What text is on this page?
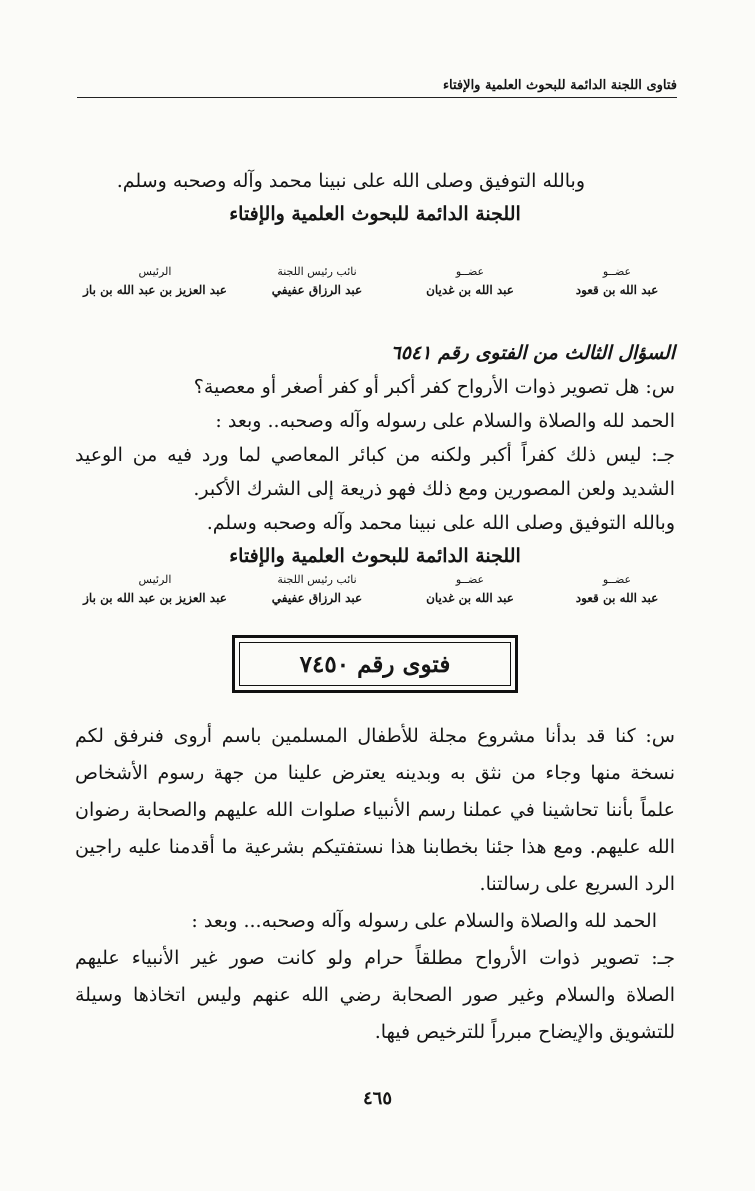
فتاوى اللجنة الدائمة للبحوث العلمية والإفتاء
وبالله التوفيق وصلى الله على نبينا محمد وآله وصحبه وسلم.
اللجنة الدائمة للبحوث العلمية والإفتاء
عضــو
عبد الله بن قعود
عضــو
عبد الله بن غديان
نائب رئيس اللجنة
عبد الرزاق عفيفي
الرئيس
عبد العزيز بن عبد الله بن باز
السؤال الثالث من الفتوى رقم ٦٥٤١
س: هل تصوير ذوات الأرواح كفر أكبر أو كفر أصغر أو معصية؟
الحمد لله والصلاة والسلام على رسوله وآله وصحبه.. وبعد :
جـ: ليس ذلك كفراً أكبر ولكنه من كبائر المعاصي لما ورد فيه من الوعيد
الشديد ولعن المصورين ومع ذلك فهو ذريعة إلى الشرك الأكبر.
وبالله التوفيق وصلى الله على نبينا محمد وآله وصحبه وسلم.
اللجنة الدائمة للبحوث العلمية والإفتاء
عضــو
عبد الله بن قعود
عضــو
عبد الله بن غديان
نائب رئيس اللجنة
عبد الرزاق عفيفي
الرئيس
عبد العزيز بن عبد الله بن باز
فتوى رقم ٧٤٥٠
س: كنا قد بدأنا مشروع مجلة للأطفال المسلمين باسم أروى فنرفق لكم
نسخة منها وجاء من نثق به وبدينه يعترض علينا من جهة رسوم الأشخاص
علماً بأننا تحاشينا في عملنا رسم الأنبياء صلوات الله عليهم والصحابة رضوان
الله عليهم. ومع هذا جئنا بخطابنا هذا نستفتيكم بشرعية ما أقدمنا عليه راجين
الرد السريع على رسالتنا.
الحمد لله والصلاة والسلام على رسوله وآله وصحبه... وبعد :
جـ: تصوير ذوات الأرواح مطلقاً حرام ولو كانت صور غير الأنبياء عليهم
الصلاة والسلام وغير صور الصحابة رضي الله عنهم وليس اتخاذها وسيلة
للتشويق والإيضاح مبرراً للترخيص فيها.
٤٦٥
